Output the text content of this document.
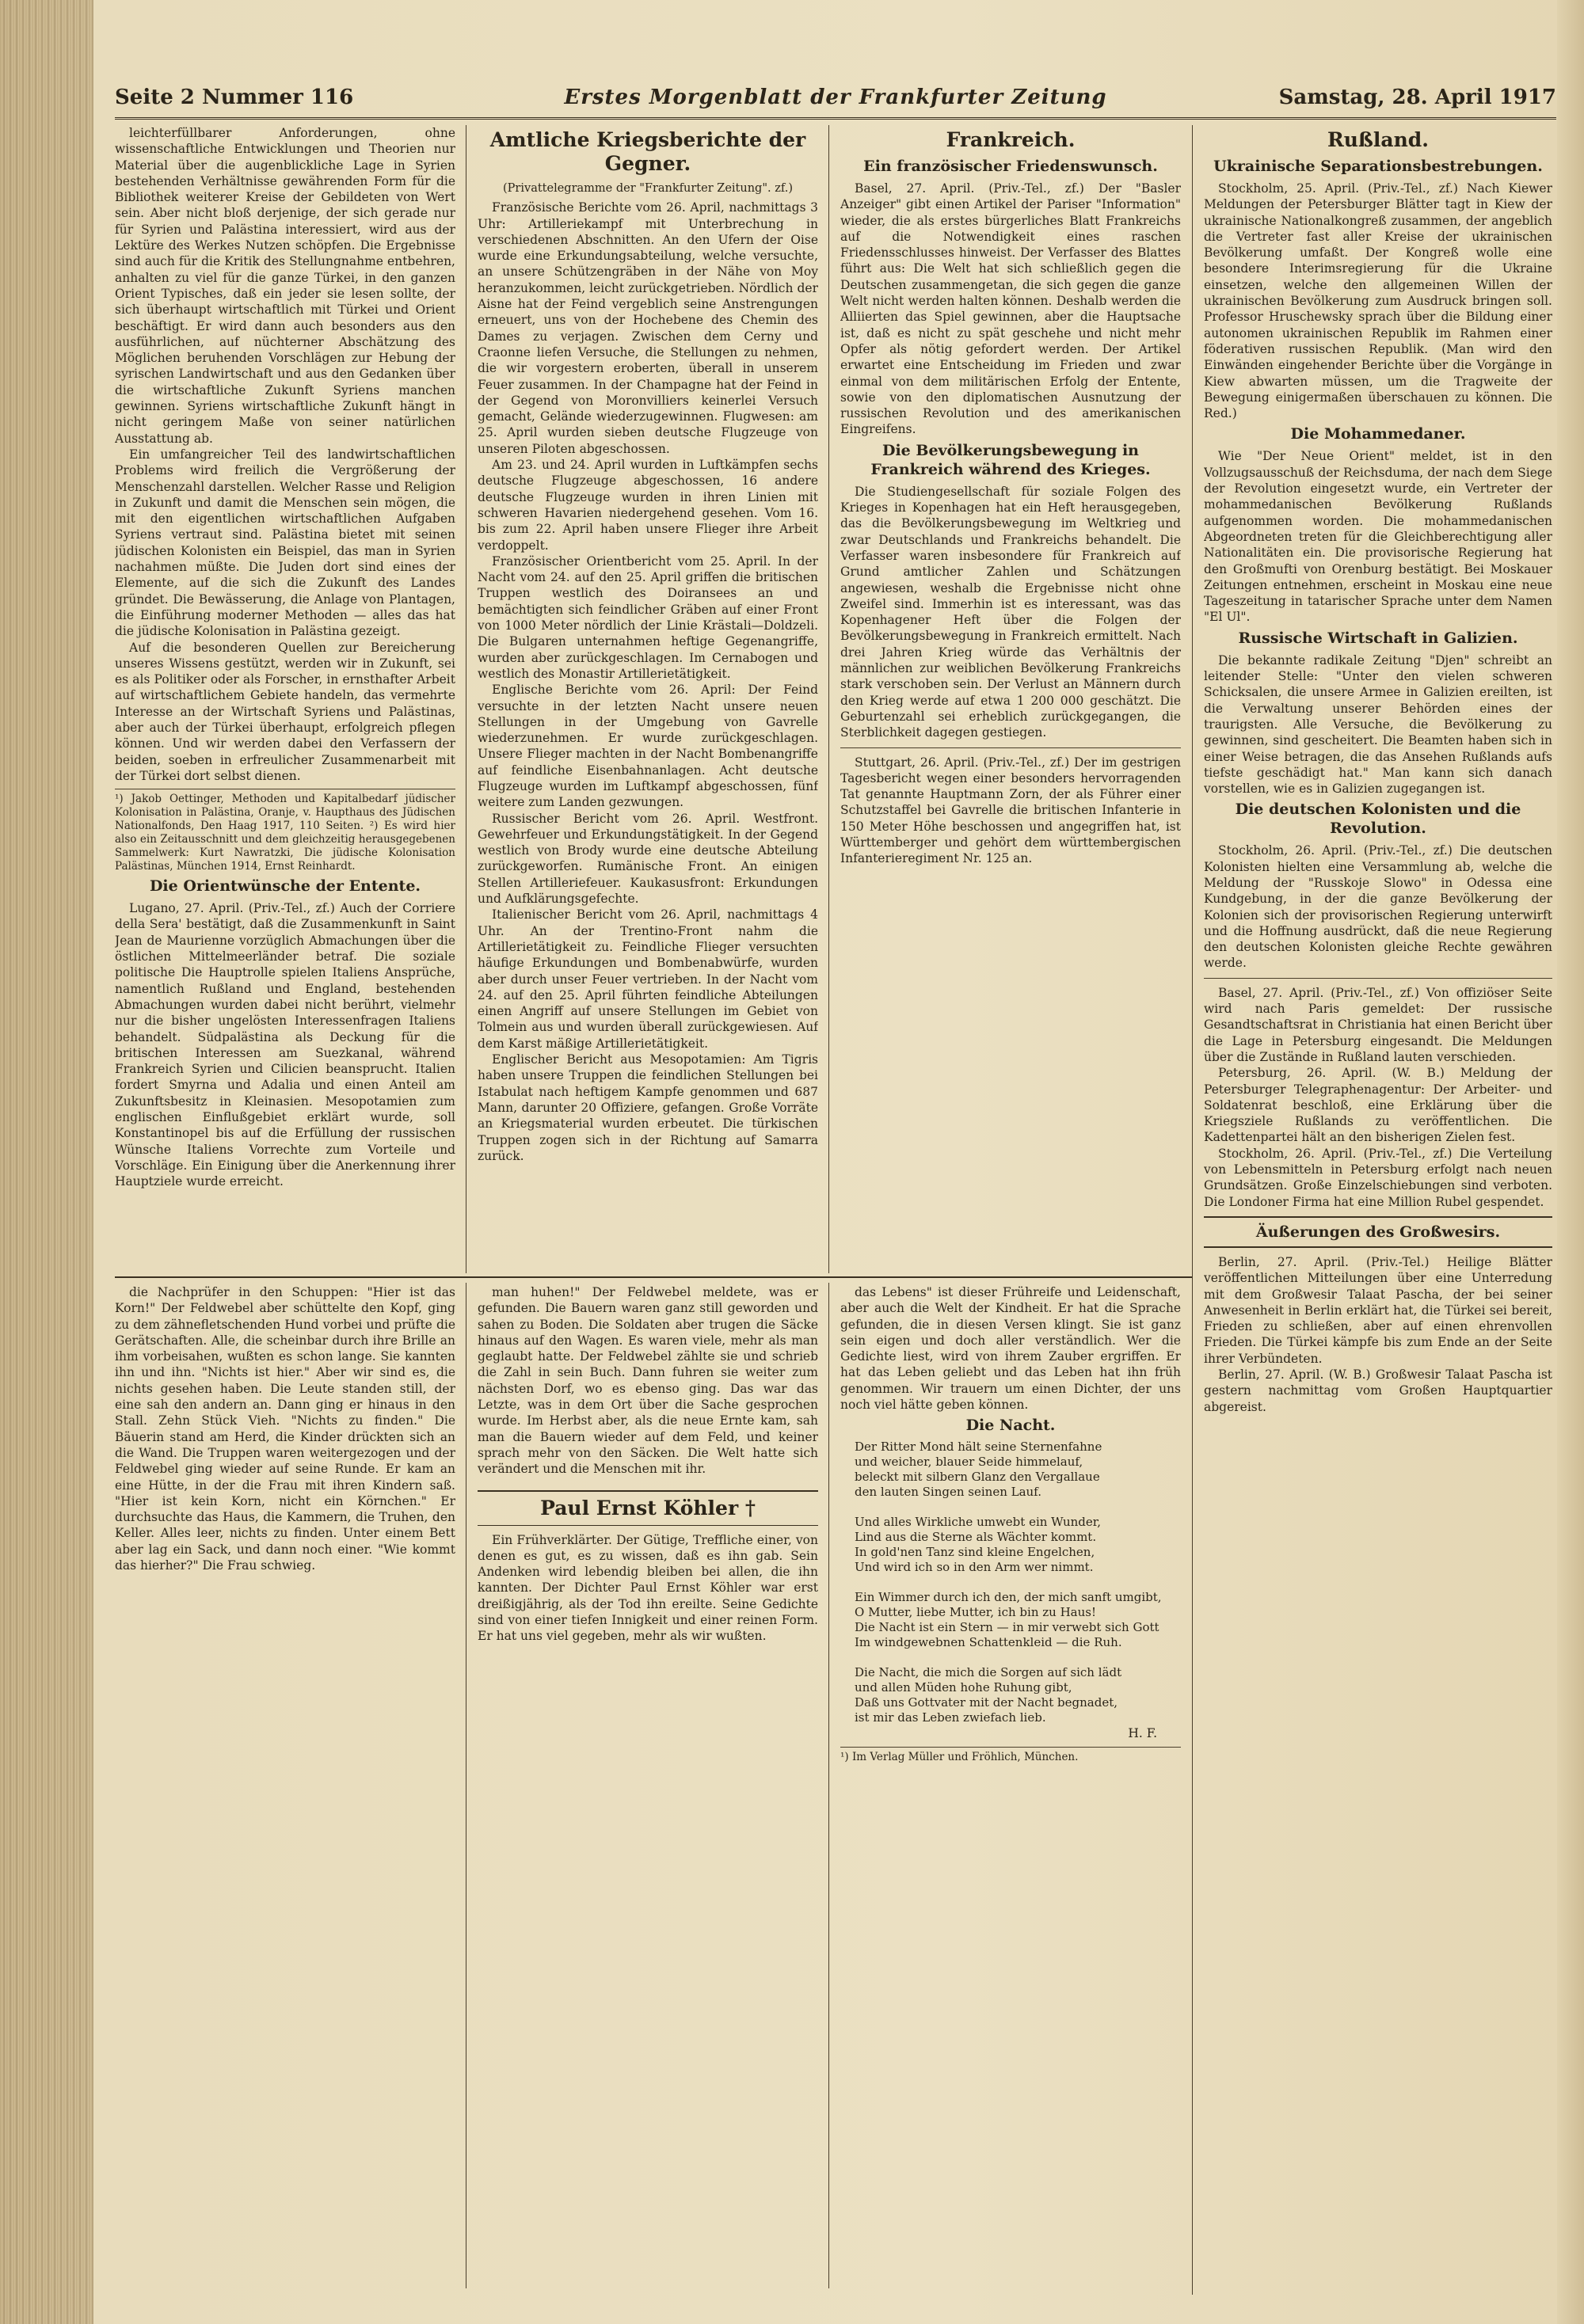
Seite 2 Nummer 116	Erstes Morgenblatt der Frankfurter Zeitung	Samstag, 28. April 1917

leichterfüllbarer Anforderungen, ohne wissenschaftliche Entwicklungen und Theorien nur Material über die augenblickliche Lage in Syrien bestehenden Verhältnisse gewährenden Form für die Bibliothek weiterer Kreise der Gebildeten von Wert sein. Aber nicht bloß derjenige, der sich gerade nur für Syrien und Palästina interessiert, wird aus der Lektüre des Werkes Nutzen schöpfen. Die Ergebnisse sind auch für die Kritik des Stellungnahme entbehren, anhalten zu viel für die ganze Türkei, in den ganzen Orient Typisches, daß ein jeder sie lesen sollte, der sich überhaupt wirtschaftlich mit Türkei und Orient beschäftigt. Er wird dann auch besonders aus den ausführlichen, auf nüchterner Abschätzung des Möglichen beruhenden Vorschlägen zur Hebung der syrischen Landwirtschaft und aus den Gedanken über die wirtschaftliche Zukunft Syriens manchen gewinnen. Syriens wirtschaftliche Zukunft hängt in nicht geringem Maße von seiner natürlichen Ausstattung ab.

Ein umfangreicher Teil des landwirtschaftlichen Problems wird freilich die Vergrößerung der Menschenzahl darstellen. Welcher Rasse und Religion in Zukunft und damit die Menschen sein mögen, die mit den eigentlichen wirtschaftlichen Aufgaben Syriens vertraut sind. Palästina bietet mit seinen jüdischen Kolonisten ein Beispiel, das man in Syrien nachahmen müßte. Die Juden dort sind eines der Elemente, auf die sich die Zukunft des Landes gründet. Die Bewässerung, die Anlage von Plantagen, die Einführung moderner Methoden — alles das hat die jüdische Kolonisation in Palästina gezeigt.

Auf die besonderen Quellen zur Bereicherung unseres Wissens gestützt, werden wir in Zukunft, sei es als Politiker oder als Forscher, in ernsthafter Arbeit auf wirtschaftlichem Gebiete handeln, das vermehrte Interesse an der Wirtschaft Syriens und Palästinas, aber auch der Türkei überhaupt, erfolgreich pflegen können. Und wir werden dabei den Verfassern der beiden, soeben in erfreulicher Zusammenarbeit mit der Türkei dort selbst dienen.

¹) Jakob Oettinger, Methoden und Kapitalbedarf jüdischer Kolonisation in Palästina, Oranje, v. Haupthaus des Jüdischen Nationalfonds, Den Haag 1917, 110 Seiten. ²) Es wird hier also ein Zeitausschnitt und dem gleichzeitig herausgegebenen Sammelwerk: Kurt Nawratzki, Die jüdische Kolonisation Palästinas, München 1914, Ernst Reinhardt.
Die Orientwünsche der Entente.

Lugano, 27. April. (Priv.-Tel., zf.) Auch der Corriere della Sera' bestätigt, daß die Zusammenkunft in Saint Jean de Maurienne vorzüglich Abmachungen über die östlichen Mittelmeerländer betraf. Die soziale politische Die Hauptrolle spielen Italiens Ansprüche, namentlich Rußland und England, bestehenden Abmachungen wurden dabei nicht berührt, vielmehr nur die bisher ungelösten Interessenfragen Italiens behandelt. Südpalästina als Deckung für die britischen Interessen am Suezkanal, während Frankreich Syrien und Cilicien beansprucht. Italien fordert Smyrna und Adalia und einen Anteil am Zukunftsbesitz in Kleinasien. Mesopotamien zum englischen Einflußgebiet erklärt wurde, soll Konstantinopel bis auf die Erfüllung der russischen Wünsche Italiens Vorrechte zum Vorteile und Vorschläge. Ein Einigung über die Anerkennung ihrer Hauptziele wurde erreicht.

Amtliche Kriegsberichte der Gegner.
(Privattelegramme der "Frankfurter Zeitung". zf.)

Französische Berichte vom 26. April, nachmittags 3 Uhr: Artilleriekampf mit Unterbrechung in verschiedenen Abschnitten. An den Ufern der Oise wurde eine Erkundungsabteilung, welche versuchte, an unsere Schützengräben in der Nähe von Moy heranzukommen, leicht zurückgetrieben. Nördlich der Aisne hat der Feind vergeblich seine Anstrengungen erneuert, uns von der Hochebene des Chemin des Dames zu verjagen. Zwischen dem Cerny und Craonne liefen Versuche, die Stellungen zu nehmen, die wir vorgestern eroberten, überall in unserem Feuer zusammen. In der Champagne hat der Feind in der Gegend von Moronvilliers keinerlei Versuch gemacht, Gelände wiederzugewinnen. Flugwesen: am 25. April wurden sieben deutsche Flugzeuge von unseren Piloten abgeschossen.

Am 23. und 24. April wurden in Luftkämpfen sechs deutsche Flugzeuge abgeschossen, 16 andere deutsche Flugzeuge wurden in ihren Linien mit schweren Havarien niedergehend gesehen. Vom 16. bis zum 22. April haben unsere Flieger ihre Arbeit verdoppelt.

Französischer Orientbericht vom 25. April. In der Nacht vom 24. auf den 25. April griffen die britischen Truppen westlich des Doiransees an und bemächtigten sich feindlicher Gräben auf einer Front von 1000 Meter nördlich der Linie Krästali—Doldzeli. Die Bulgaren unternahmen heftige Gegenangriffe, wurden aber zurückgeschlagen. Im Cernabogen und westlich des Monastir Artillerietätigkeit.

Englische Berichte vom 26. April: Der Feind versuchte in der letzten Nacht unsere neuen Stellungen in der Umgebung von Gavrelle wiederzunehmen. Er wurde zurückgeschlagen. Unsere Flieger machten in der Nacht Bombenangriffe auf feindliche Eisenbahnanlagen. Acht deutsche Flugzeuge wurden im Luftkampf abgeschossen, fünf weitere zum Landen gezwungen.

Russischer Bericht vom 26. April. Westfront. Gewehrfeuer und Erkundungstätigkeit. In der Gegend westlich von Brody wurde eine deutsche Abteilung zurückgeworfen. Rumänische Front. An einigen Stellen Artilleriefeuer. Kaukasusfront: Erkundungen und Aufklärungsgefechte.

Italienischer Bericht vom 26. April, nachmittags 4 Uhr. An der Trentino-Front nahm die Artillerietätigkeit zu. Feindliche Flieger versuchten häufige Erkundungen und Bombenabwürfe, wurden aber durch unser Feuer vertrieben. In der Nacht vom 24. auf den 25. April führten feindliche Abteilungen einen Angriff auf unsere Stellungen im Gebiet von Tolmein aus und wurden überall zurückgewiesen. Auf dem Karst mäßige Artillerietätigkeit.

Englischer Bericht aus Mesopotamien: Am Tigris haben unsere Truppen die feindlichen Stellungen bei Istabulat nach heftigem Kampfe genommen und 687 Mann, darunter 20 Offiziere, gefangen. Große Vorräte an Kriegsmaterial wurden erbeutet. Die türkischen Truppen zogen sich in der Richtung auf Samarra zurück.

Frankreich.
Ein französischer Friedenswunsch.

Basel, 27. April. (Priv.-Tel., zf.) Der "Basler Anzeiger" gibt einen Artikel der Pariser "Information" wieder, die als erstes bürgerliches Blatt Frankreichs auf die Notwendigkeit eines raschen Friedensschlusses hinweist. Der Verfasser des Blattes führt aus: Die Welt hat sich schließlich gegen die Deutschen zusammengetan, die sich gegen die ganze Welt nicht werden halten können. Deshalb werden die Alliierten das Spiel gewinnen, aber die Hauptsache ist, daß es nicht zu spät geschehe und nicht mehr Opfer als nötig gefordert werden. Der Artikel erwartet eine Entscheidung im Frieden und zwar einmal von dem militärischen Erfolg der Entente, sowie von den diplomatischen Ausnutzung der russischen Revolution und des amerikanischen Eingreifens.

Die Bevölkerungsbewegung in Frankreich während des Krieges.

Die Studiengesellschaft für soziale Folgen des Krieges in Kopenhagen hat ein Heft herausgegeben, das die Bevölkerungsbewegung im Weltkrieg und zwar Deutschlands und Frankreichs behandelt. Die Verfasser waren insbesondere für Frankreich auf Grund amtlicher Zahlen und Schätzungen angewiesen, weshalb die Ergebnisse nicht ohne Zweifel sind. Immerhin ist es interessant, was das Kopenhagener Heft über die Folgen der Bevölkerungsbewegung in Frankreich ermittelt. Nach drei Jahren Krieg würde das Verhältnis der männlichen zur weiblichen Bevölkerung Frankreichs stark verschoben sein. Der Verlust an Männern durch den Krieg werde auf etwa 1 200 000 geschätzt. Die Geburtenzahl sei erheblich zurückgegangen, die Sterblichkeit dagegen gestiegen.

Stuttgart, 26. April. (Priv.-Tel., zf.) Der im gestrigen Tagesbericht wegen einer besonders hervorragenden Tat genannte Hauptmann Zorn, der als Führer einer Schutzstaffel bei Gavrelle die britischen Infanterie in 150 Meter Höhe beschossen und angegriffen hat, ist Württemberger und gehört dem württembergischen Infanterieregiment Nr. 125 an.

Rußland.
Ukrainische Separationsbestrebungen.

Stockholm, 25. April. (Priv.-Tel., zf.) Nach Kiewer Meldungen der Petersburger Blätter tagt in Kiew der ukrainische Nationalkongreß zusammen, der angeblich die Vertreter fast aller Kreise der ukrainischen Bevölkerung umfaßt. Der Kongreß wolle eine besondere Interimsregierung für die Ukraine einsetzen, welche den allgemeinen Willen der ukrainischen Bevölkerung zum Ausdruck bringen soll. Professor Hruschewsky sprach über die Bildung einer autonomen ukrainischen Republik im Rahmen einer föderativen russischen Republik. (Man wird den Einwänden eingehender Berichte über die Vorgänge in Kiew abwarten müssen, um die Tragweite der Bewegung einigermaßen überschauen zu können. Die Red.)

Die Mohammedaner.

Wie "Der Neue Orient" meldet, ist in den Vollzugsausschuß der Reichsduma, der nach dem Siege der Revolution eingesetzt wurde, ein Vertreter der mohammedanischen Bevölkerung Rußlands aufgenommen worden. Die mohammedanischen Abgeordneten treten für die Gleichberechtigung aller Nationalitäten ein. Die provisorische Regierung hat den Großmufti von Orenburg bestätigt. Bei Moskauer Zeitungen entnehmen, erscheint in Moskau eine neue Tageszeitung in tatarischer Sprache unter dem Namen "El Ul".

Russische Wirtschaft in Galizien.

Die bekannte radikale Zeitung "Djen" schreibt an leitender Stelle: "Unter den vielen schweren Schicksalen, die unsere Armee in Galizien ereilten, ist die Verwaltung unserer Behörden eines der traurigsten. Alle Versuche, die Bevölkerung zu gewinnen, sind gescheitert. Die Beamten haben sich in einer Weise betragen, die das Ansehen Rußlands aufs tiefste geschädigt hat." Man kann sich danach vorstellen, wie es in Galizien zugegangen ist.

Die deutschen Kolonisten und die Revolution.

Stockholm, 26. April. (Priv.-Tel., zf.) Die deutschen Kolonisten hielten eine Versammlung ab, welche die Meldung der "Russkoje Slowo" in Odessa eine Kundgebung, in der die ganze Bevölkerung der Kolonien sich der provisorischen Regierung unterwirft und die Hoffnung ausdrückt, daß die neue Regierung den deutschen Kolonisten gleiche Rechte gewähren werde.

Basel, 27. April. (Priv.-Tel., zf.) Von offiziöser Seite wird nach Paris gemeldet: Der russische Gesandtschaftsrat in Christiania hat einen Bericht über die Lage in Petersburg eingesandt. Die Meldungen über die Zustände in Rußland lauten verschieden.

Petersburg, 26. April. (W. B.) Meldung der Petersburger Telegraphenagentur: Der Arbeiter- und Soldatenrat beschloß, eine Erklärung über die Kriegsziele Rußlands zu veröffentlichen. Die Kadettenpartei hält an den bisherigen Zielen fest.

Stockholm, 26. April. (Priv.-Tel., zf.) Die Verteilung von Lebensmitteln in Petersburg erfolgt nach neuen Grundsätzen. Große Einzelschiebungen sind verboten. Die Londoner Firma hat eine Million Rubel gespendet.

Äußerungen des Großwesirs.

Berlin, 27. April. (Priv.-Tel.) Heilige Blätter veröffentlichen Mitteilungen über eine Unterredung mit dem Großwesir Talaat Pascha, der bei seiner Anwesenheit in Berlin erklärt hat, die Türkei sei bereit, Frieden zu schließen, aber auf einen ehrenvollen Frieden. Die Türkei kämpfe bis zum Ende an der Seite ihrer Verbündeten.

Berlin, 27. April. (W. B.) Großwesir Talaat Pascha ist gestern nachmittag vom Großen Hauptquartier abgereist.

die Nachprüfer in den Schuppen: "Hier ist das Korn!" Der Feldwebel aber schüttelte den Kopf, ging zu dem zähnefletschenden Hund vorbei und prüfte die Gerätschaften. Alle, die scheinbar durch ihre Brille an ihm vorbeisahen, wußten es schon lange. Sie kannten ihn und ihn. "Nichts ist hier." Aber wir sind es, die nichts gesehen haben. Die Leute standen still, der eine sah den andern an. Dann ging er hinaus in den Stall. Zehn Stück Vieh. "Nichts zu finden." Die Bäuerin stand am Herd, die Kinder drückten sich an die Wand. Die Truppen waren weitergezogen und der Feldwebel ging wieder auf seine Runde. Er kam an eine Hütte, in der die Frau mit ihren Kindern saß. "Hier ist kein Korn, nicht ein Körnchen." Er durchsuchte das Haus, die Kammern, die Truhen, den Keller. Alles leer, nichts zu finden. Unter einem Bett aber lag ein Sack, und dann noch einer. "Wie kommt das hierher?" Die Frau schwieg.

man huhen!" Der Feldwebel meldete, was er gefunden. Die Bauern waren ganz still geworden und sahen zu Boden. Die Soldaten aber trugen die Säcke hinaus auf den Wagen. Es waren viele, mehr als man geglaubt hatte. Der Feldwebel zählte sie und schrieb die Zahl in sein Buch. Dann fuhren sie weiter zum nächsten Dorf, wo es ebenso ging. Das war das Letzte, was in dem Ort über die Sache gesprochen wurde. Im Herbst aber, als die neue Ernte kam, sah man die Bauern wieder auf dem Feld, und keiner sprach mehr von den Säcken. Die Welt hatte sich verändert und die Menschen mit ihr.

Paul Ernst Köhler †

Ein Frühverklärter. Der Gütige, Treffliche einer, von denen es gut, es zu wissen, daß es ihn gab. Sein Andenken wird lebendig bleiben bei allen, die ihn kannten. Der Dichter Paul Ernst Köhler war erst dreißigjährig, als der Tod ihn ereilte. Seine Gedichte sind von einer tiefen Innigkeit und einer reinen Form. Er hat uns viel gegeben, mehr als wir wußten.

das Lebens" ist dieser Frühreife und Leidenschaft, aber auch die Welt der Kindheit. Er hat die Sprache gefunden, die in diesen Versen klingt. Sie ist ganz sein eigen und doch aller verständlich. Wer die Gedichte liest, wird von ihrem Zauber ergriffen. Er hat das Leben geliebt und das Leben hat ihn früh genommen. Wir trauern um einen Dichter, der uns noch viel hätte geben können.

Die Nacht.
Der Ritter Mond hält seine Sternenfahne
und weicher, blauer Seide himmelauf,
beleckt mit silbern Glanz den Vergallaue
den lauten Singen seinen Lauf.

Und alles Wirkliche umwebt ein Wunder,
Lind aus die Sterne als Wächter kommt.
In gold'nen Tanz sind kleine Engelchen,
Und wird ich so in den Arm wer nimmt.

Ein Wimmer durch ich den, der mich sanft umgibt,
O Mutter, liebe Mutter, ich bin zu Haus!
Die Nacht ist ein Stern — in mir verwebt sich Gott
Im windgewebnen Schattenkleid — die Ruh.

Die Nacht, die mich die Sorgen auf sich lädt
und allen Müden hohe Ruhung gibt,
Daß uns Gottvater mit der Nacht begnadet,
ist mir das Leben zwiefach lieb.

H. F.

¹) Im Verlag Müller und Fröhlich, München.
